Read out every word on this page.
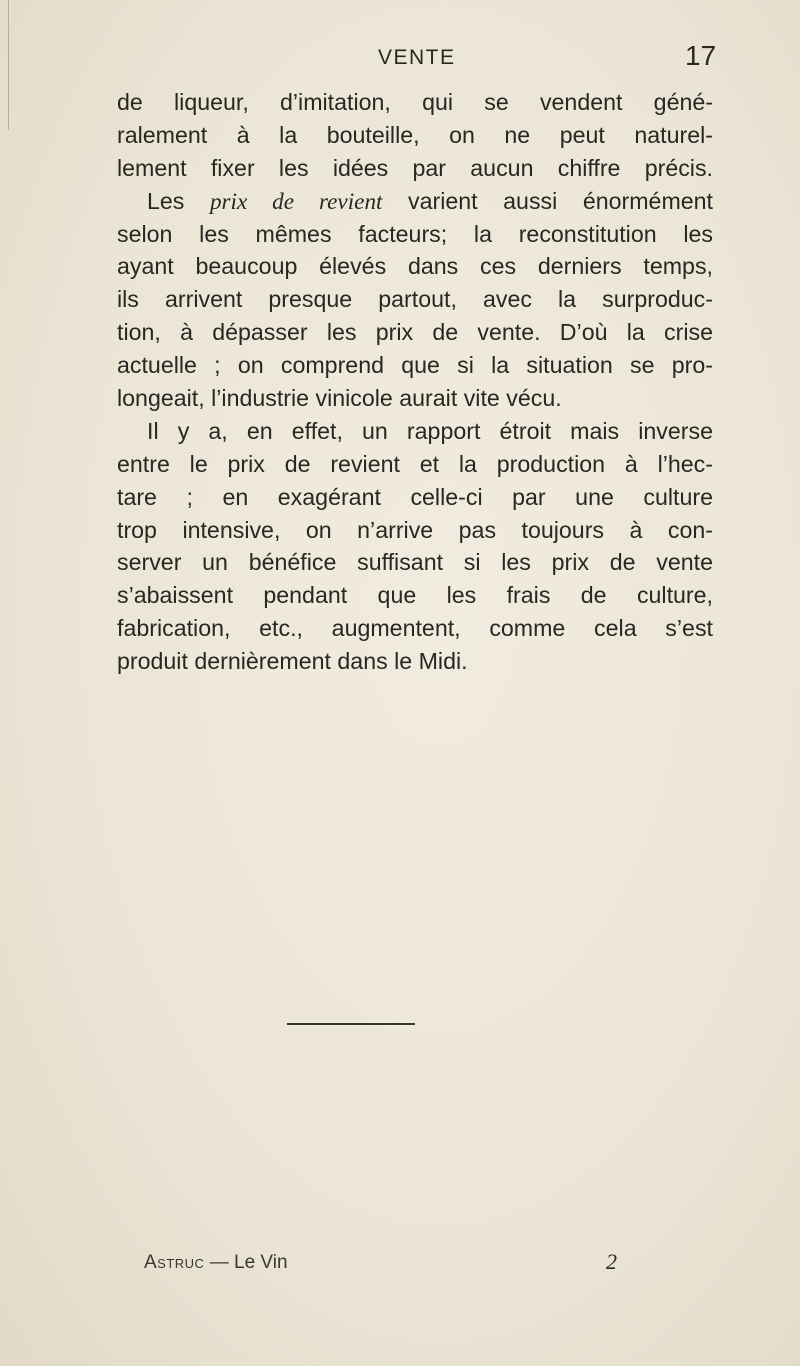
VENTE	17
de liqueur, d’imitation, qui se vendent géné-
ralement à la bouteille, on ne peut naturel-
lement fixer les idées par aucun chiffre précis.
Les prix de revient varient aussi énormément
selon les mêmes facteurs; la reconstitution les
ayant beaucoup élevés dans ces derniers temps,
ils arrivent presque partout, avec la surproduc-
tion, à dépasser les prix de vente. D’où la crise
actuelle ; on comprend que si la situation se pro-
longeait, l’industrie vinicole aurait vite vécu.
Il y a, en effet, un rapport étroit mais inverse
entre le prix de revient et la production à l’hec-
tare ; en exagérant celle-ci par une culture
trop intensive, on n’arrive pas toujours à con-
server un bénéfice suffisant si les prix de vente
s’abaissent pendant que les frais de culture,
fabrication, etc., augmentent, comme cela s’est
produit dernièrement dans le Midi.
Astruc — Le Vin	2
